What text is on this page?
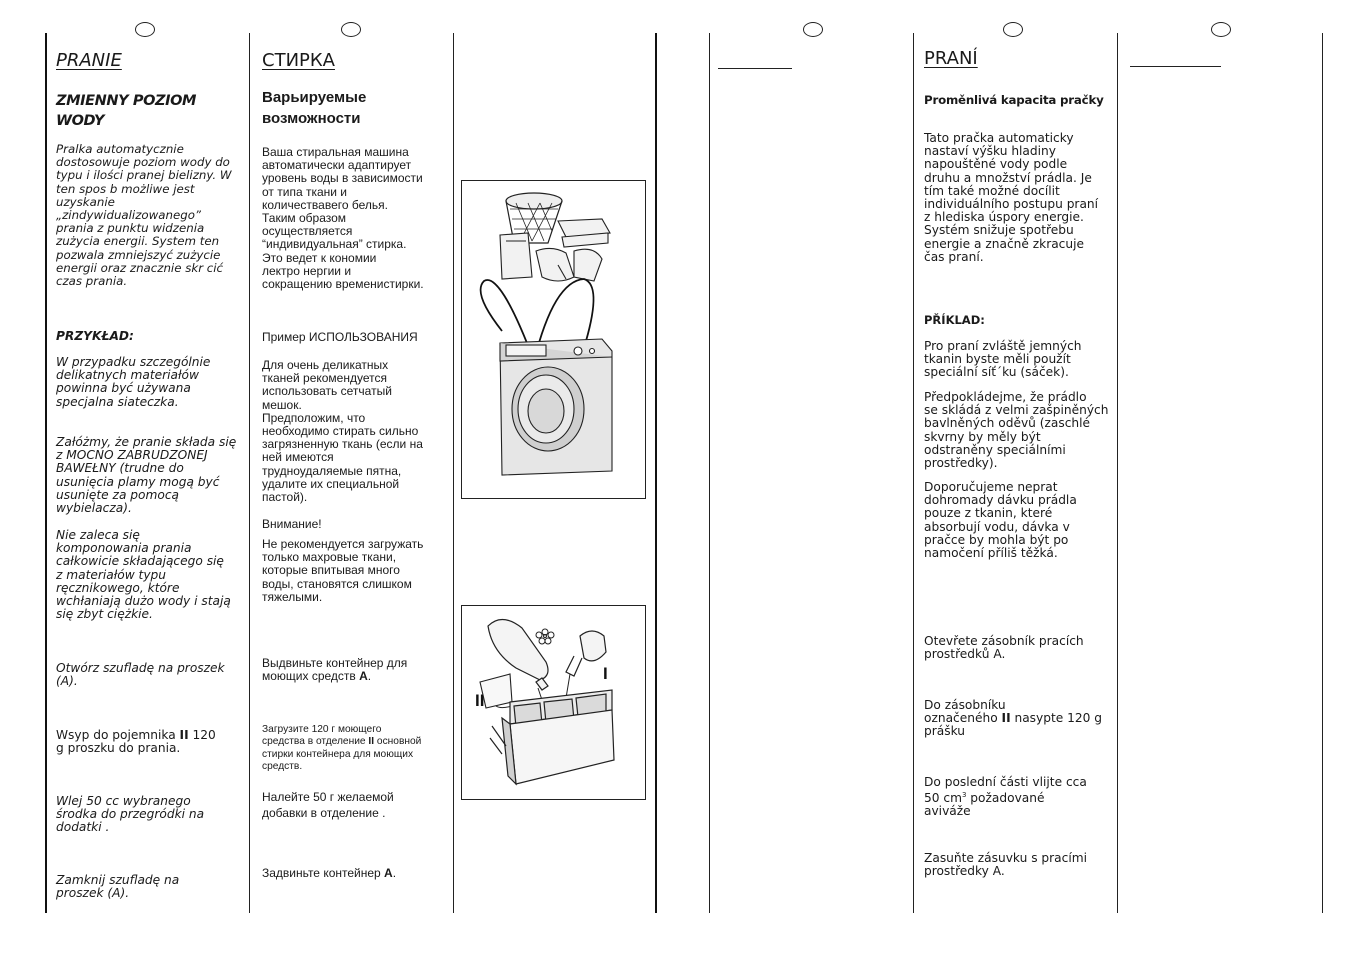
PRANIE
ZMIENNY POZIOM
WODY

Pralka automatycznie
dostosowuje poziom wody do
typu i ilości pranej bielizny. W
ten spos b możliwe jest
uzyskanie
„zindywidualizowanego”
prania z punktu widzenia
zużycia energii. System ten
pozwala zmniejszyć zużycie
energii oraz znacznie skr cić
czas prania.

PRZYKŁAD:

W przypadku szczególnie
delikatnych materiałów
powinna być używana
specjalna siateczka.

Załóżmy, że pranie składa się
z MOCNO ZABRUDZONEJ
BAWEŁNY (trudne do
usunięcia plamy mogą być
usunięte za pomocą
wybielacza).

Nie zaleca się
komponowania prania
całkowicie składającego się
z materiałów typu
ręcznikowego, które
wchłaniają dużo wody i stają
się zbyt ciężkie.

Otwórz szufladę na proszek
(A).

Wsyp do pojemnika II 120
g proszku do prania.

Wlej 50 cc wybranego
środka do przegródki na
dodatki .

Zamknij szufladę na
proszek (A).

СТИРКА
Варьируемые
возможности

Ваша стиральная машина
автоматически адаптирует
уровень воды в зависимости
от типа ткани и
количествавего белья.
Таким образом
осуществляется
“индивидуальная” стирка.
Это ведет к кономии
лектро нергии и
сокращению временистирки.

Пример ИСПОЛЬЗОВАНИЯ

Для очень деликатных
тканей рекомендуется
использовать сетчатый
мешок.
Предположим, что
необходимо стирать сильно
загрязненную ткань (если на
ней имеются
трудноудаляемые пятна,
удалите их специальной
пастой).

Внимание!

Не рекомендуется загружать
только махровые ткани,
которые впитывая много
воды, становятся слишком
тяжелыми.

Выдвиньте контейнер для
моющих средств A.

Загрузите 120 г моющего
средства в отделение II основной
стирки контейнера для моющих
средств.

Налейте 50 г желаемой
добавки в отделение .

Задвиньте контейнер A.

II
I
PRANÍ
Proměnlivá kapacita pračky

Tato pračka automaticky
nastaví výšku hladiny
napouštěné vody podle
druhu a množství prádla. Je
tím také možné docílit
individuálního postupu praní
z hlediska úspory energie.
Systém snižuje spotřebu
energie a značně zkracuje
čas praní.

PŘÍKLAD:

Pro praní zvláště jemných
tkanin byste měli použít
speciální síť´ku (sáček).

Předpokládejme, že prádlo
se skládá z velmi zašpiněných
bavlněných oděvů (zaschlé
skvrny by měly být
odstraněny speciálními
prostředky).

Doporučujeme neprat
dohromady dávku prádla
pouze z tkanin, které
absorbují vodu, dávka v
pračce by mohla být po
namočení příliš těžká.

Otevřete zásobník pracích
prostředků A.

Do zásobníku
označeného II nasypte 120 g
prášku

Do poslední části vlijte cca
50 $cm^3$ požadované
aviváže

Zasuňte zásuvku s pracími
prostředky A.
